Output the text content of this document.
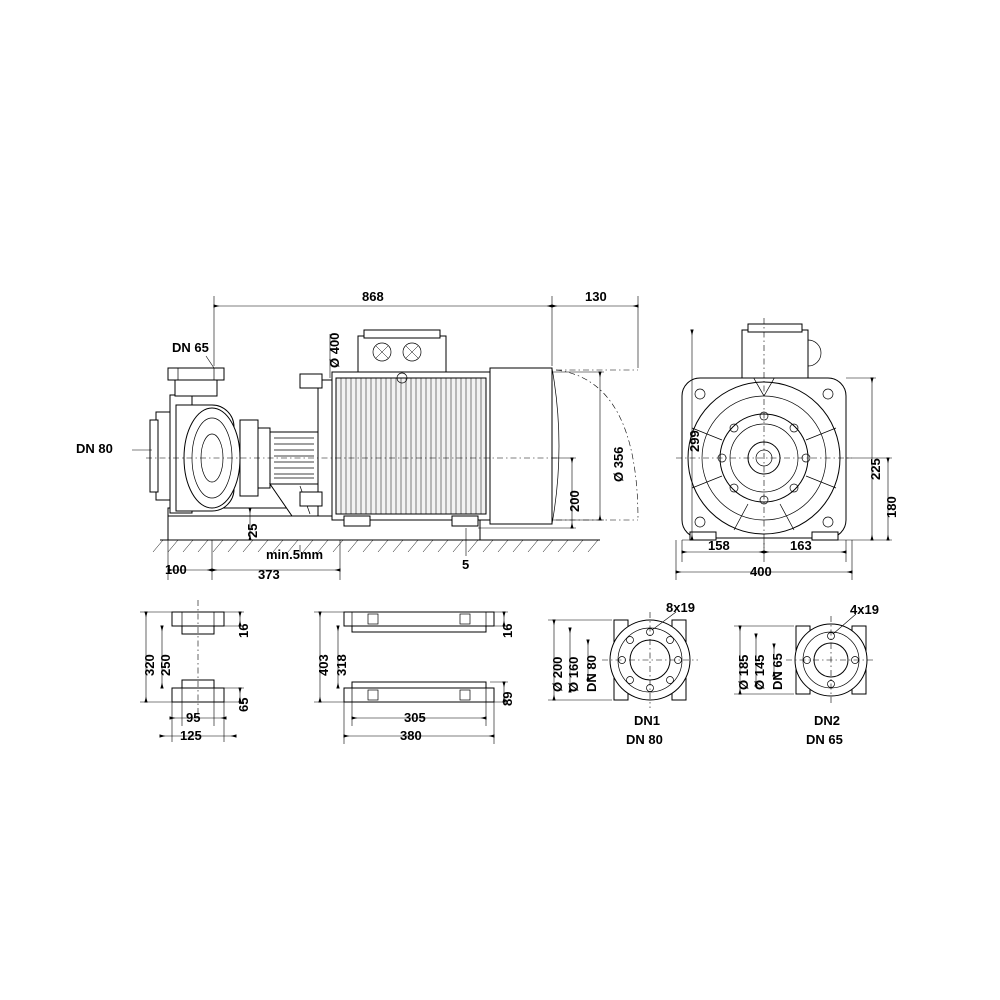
868	130
Ø 400
Ø 356
200
DN 65
DN 80
25
100	373
min.5mm
5
299
225
180
158	163
400
320 250
16
65
95
125
403 318
16
89
305
380
8x19
Ø 200 Ø 160 DN 80
DN1
DN 80
4x19
Ø 185 Ø 145 DN 65
DN2
DN 65
